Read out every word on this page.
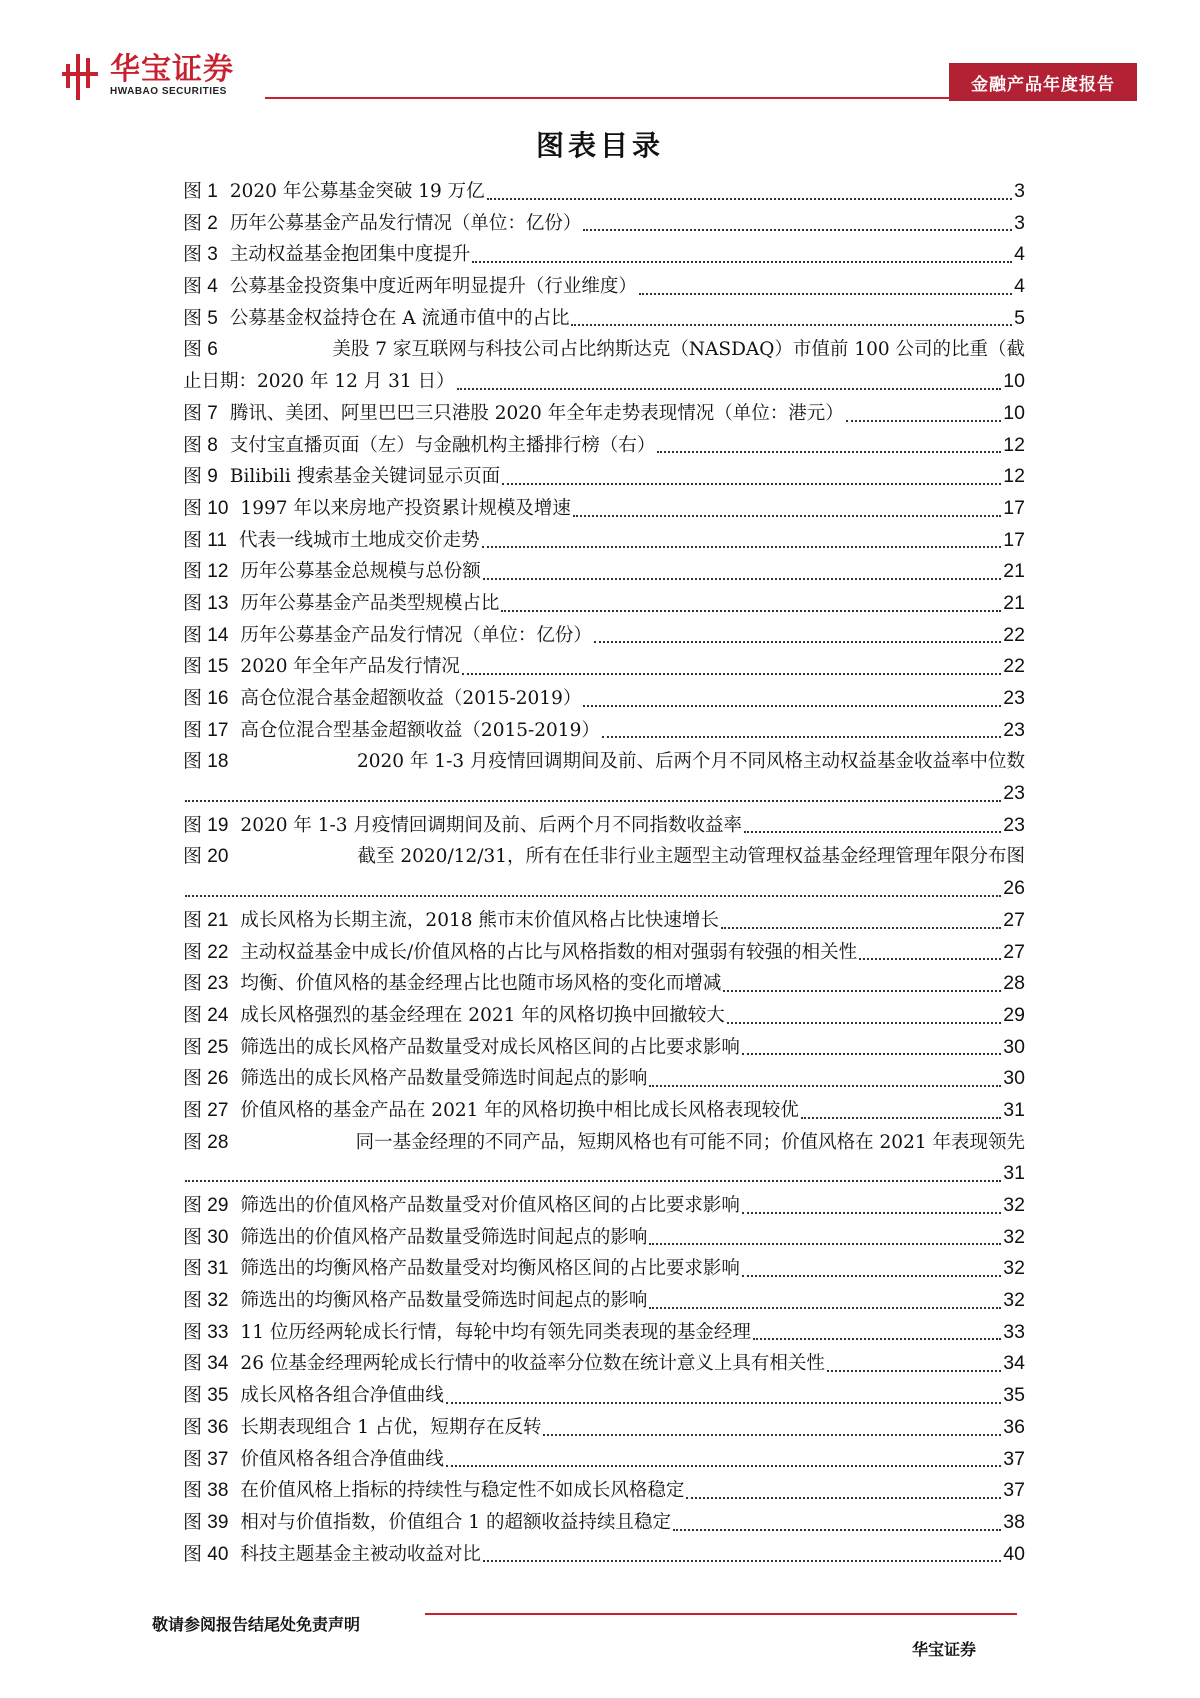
华宝证券
HWABAO SECURITIES	金融产品年度报告
图表目录
图 1 2020 年公募基金突破 19 万亿	3
图 2 历年公募基金产品发行情况（单位：亿份）	3
图 3 主动权益基金抱团集中度提升	4
图 4 公募基金投资集中度近两年明显提升（行业维度）	4
图 5 公募基金权益持仓在 A 流通市值中的占比	5
图 6	美股 7 家互联网与科技公司占比纳斯达克（NASDAQ）市值前 100 公司的比重（截
止日期：2020 年 12 月 31 日）	10
图 7 腾讯、美团、阿里巴巴三只港股 2020 年全年走势表现情况（单位：港元）	10
图 8 支付宝直播页面（左）与金融机构主播排行榜（右）	12
图 9 Bilibili 搜索基金关键词显示页面	12
图 10 1997 年以来房地产投资累计规模及增速	17
图 11 代表一线城市土地成交价走势	17
图 12 历年公募基金总规模与总份额	21
图 13 历年公募基金产品类型规模占比	21
图 14 历年公募基金产品发行情况（单位：亿份）	22
图 15 2020 年全年产品发行情况	22
图 16 高仓位混合基金超额收益（2015-2019）	23
图 17 高仓位混合型基金超额收益（2015-2019）	23
图 18	2020 年 1-3 月疫情回调期间及前、后两个月不同风格主动权益基金收益率中位数
23
图 19 2020 年 1-3 月疫情回调期间及前、后两个月不同指数收益率	23
图 20	截至 2020/12/31，所有在任非行业主题型主动管理权益基金经理管理年限分布图
26
图 21 成长风格为长期主流，2018 熊市末价值风格占比快速增长	27
图 22 主动权益基金中成长/价值风格的占比与风格指数的相对强弱有较强的相关性	27
图 23 均衡、价值风格的基金经理占比也随市场风格的变化而增减	28
图 24 成长风格强烈的基金经理在 2021 年的风格切换中回撤较大	29
图 25 筛选出的成长风格产品数量受对成长风格区间的占比要求影响	30
图 26 筛选出的成长风格产品数量受筛选时间起点的影响	30
图 27 价值风格的基金产品在 2021 年的风格切换中相比成长风格表现较优	31
图 28	同一基金经理的不同产品，短期风格也有可能不同；价值风格在 2021 年表现领先
31
图 29 筛选出的价值风格产品数量受对价值风格区间的占比要求影响	32
图 30 筛选出的价值风格产品数量受筛选时间起点的影响	32
图 31 筛选出的均衡风格产品数量受对均衡风格区间的占比要求影响	32
图 32 筛选出的均衡风格产品数量受筛选时间起点的影响	32
图 33 11 位历经两轮成长行情，每轮中均有领先同类表现的基金经理	33
图 34 26 位基金经理两轮成长行情中的收益率分位数在统计意义上具有相关性	34
图 35 成长风格各组合净值曲线	35
图 36 长期表现组合 1 占优，短期存在反转	36
图 37 价值风格各组合净值曲线	37
图 38 在价值风格上指标的持续性与稳定性不如成长风格稳定	37
图 39 相对与价值指数，价值组合 1 的超额收益持续且稳定	38
图 40 科技主题基金主被动收益对比	40
敬请参阅报告结尾处免责声明
华宝证券
